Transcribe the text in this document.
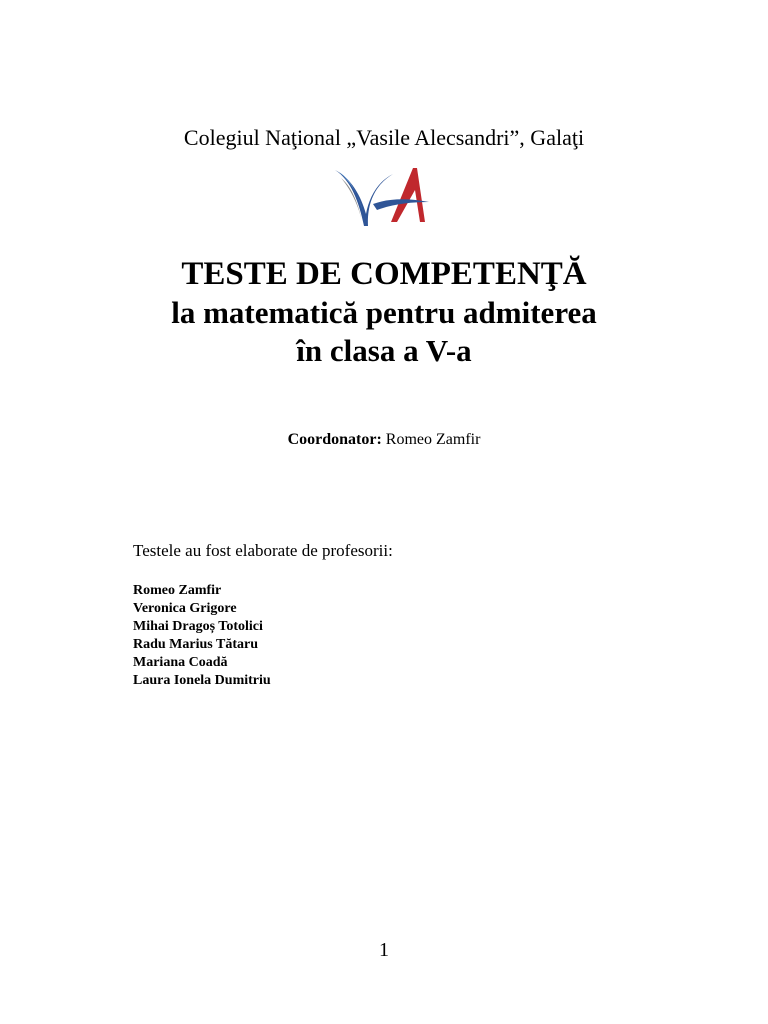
Colegiul Naţional „Vasile Alecsandri”, Galaţi
TESTE DE COMPETENŢĂ
la matematică pentru admiterea
în clasa a V-a
Coordonator: Romeo Zamfir
Testele au fost elaborate de profesorii:
Romeo Zamfir
Veronica Grigore
Mihai Dragoș Totolici
Radu Marius Tătaru
Mariana Coadă
Laura Ionela Dumitriu
1
